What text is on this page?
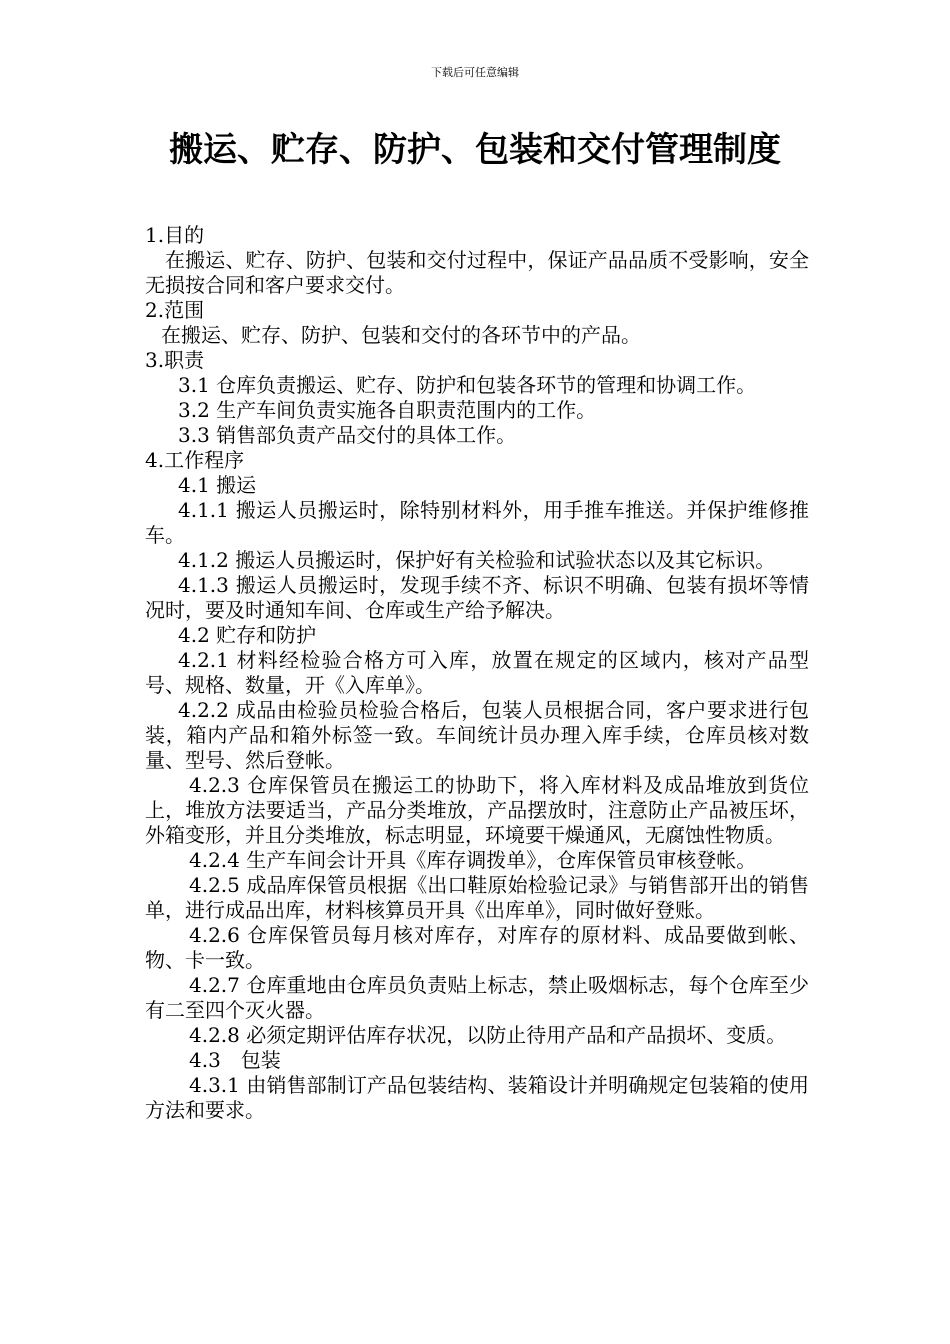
下载后可任意编辑
搬运、贮存、防护、包装和交付管理制度

1.目的

在搬运、贮存、防护、包装和交付过程中，保证产品品质不受影响，安全无损按合同和客户要求交付。

2.范围

在搬运、贮存、防护、包装和交付的各环节中的产品。

3.职责

3.1 仓库负责搬运、贮存、防护和包装各环节的管理和协调工作。

3.2 生产车间负责实施各自职责范围内的工作。

3.3 销售部负责产品交付的具体工作。

4.工作程序

4.1 搬运

4.1.1 搬运人员搬运时，除特别材料外，用手推车推送。并保护维修推车。

4.1.2 搬运人员搬运时，保护好有关检验和试验状态以及其它标识。

4.1.3 搬运人员搬运时，发现手续不齐、标识不明确、包装有损坏等情况时，要及时通知车间、仓库或生产给予解决。

4.2 贮存和防护

4.2.1 材料经检验合格方可入库，放置在规定的区域内，核对产品型号、规格、数量，开《入库单》。

4.2.2 成品由检验员检验合格后，包装人员根据合同，客户要求进行包装，箱内产品和箱外标签一致。车间统计员办理入库手续，仓库员核对数量、型号、然后登帐。

4.2.3 仓库保管员在搬运工的协助下，将入库材料及成品堆放到货位上，堆放方法要适当，产品分类堆放，产品摆放时，注意防止产品被压坏，外箱变形，并且分类堆放，标志明显，环境要干燥通风，无腐蚀性物质。

4.2.4 生产车间会计开具《库存调拨单》，仓库保管员审核登帐。

4.2.5 成品库保管员根据《出口鞋原始检验记录》与销售部开出的销售单，进行成品出库，材料核算员开具《出库单》，同时做好登账。

4.2.6 仓库保管员每月核对库存，对库存的原材料、成品要做到帐、物、卡一致。

4.2.7 仓库重地由仓库员负责贴上标志，禁止吸烟标志，每个仓库至少有二至四个灭火器。

4.2.8 必须定期评估库存状况，以防止待用产品和产品损坏、变质。

4.3　包装

4.3.1 由销售部制订产品包装结构、装箱设计并明确规定包装箱的使用方法和要求。
